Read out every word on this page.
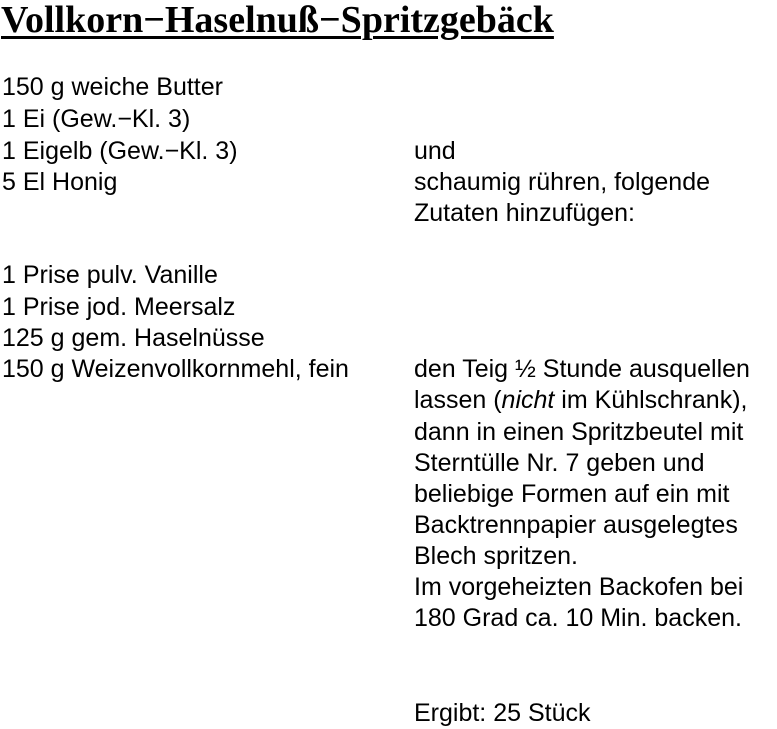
Vollkorn−Haselnuß−Spritzgebäck
150 g weiche Butter
1 Ei (Gew.−Kl. 3)
1 Eigelb (Gew.−Kl. 3)
5 El Honig
und
schaumig rühren, folgende
Zutaten hinzufügen:
1 Prise pulv. Vanille
1 Prise jod. Meersalz
125 g gem. Haselnüsse
150 g Weizenvollkornmehl, fein	den Teig ½ Stunde ausquellen
lassen (nicht im Kühlschrank),
dann in einen Spritzbeutel mit
Sterntülle Nr. 7 geben und
beliebige Formen auf ein mit
Backtrennpapier ausgelegtes
Blech spritzen.
Im vorgeheizten Backofen bei
180 Grad ca. 10 Min. backen.
Ergibt: 25 Stück
